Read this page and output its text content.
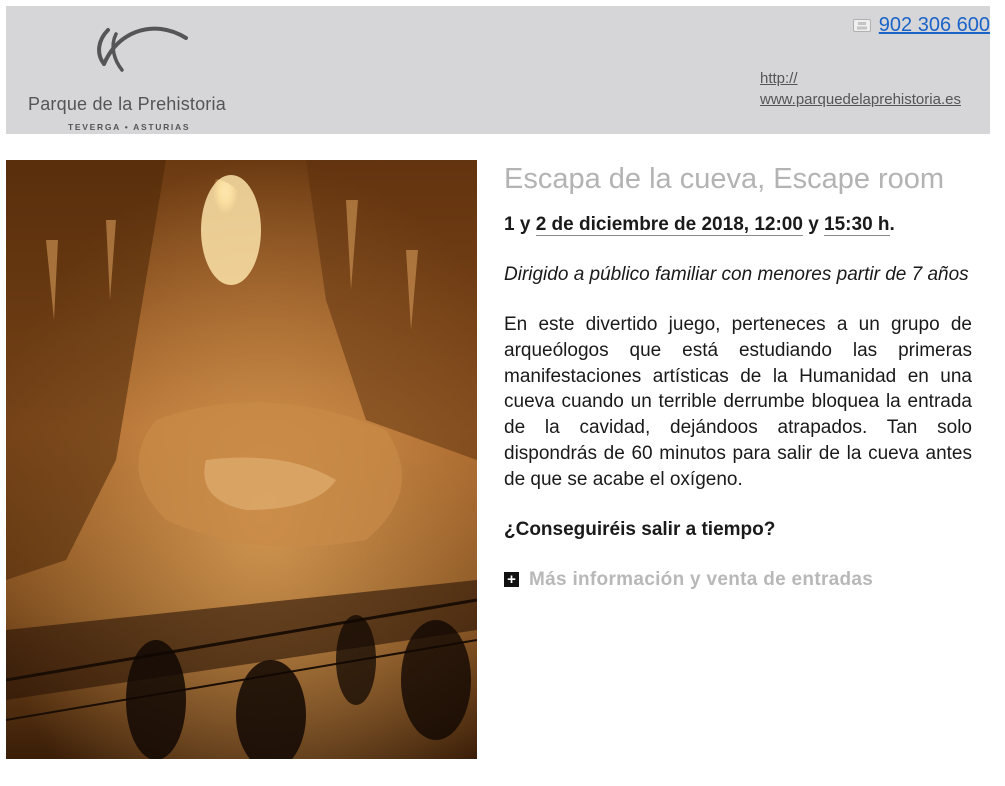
Parque de la Prehistoria
TEVERGA • ASTURIAS
902 306 600
http://
www.parquedelaprehistoria.es
Escapa de la cueva, Escape room

1 y 2 de diciembre de 2018, 12:00 y 15:30 h.

Dirigido a público familiar con menores partir de 7 años

En este divertido juego, perteneces a un grupo de arqueólogos que está estudiando las primeras manifestaciones artísticas de la Humanidad en una cueva cuando un terrible derrumbe bloquea la entrada de la cavidad, dejándoos atrapados. Tan solo dispondrás de 60 minutos para salir de la cueva antes de que se acabe el oxígeno.

¿Conseguiréis salir a tiempo?

+ Más información y venta de entradas
